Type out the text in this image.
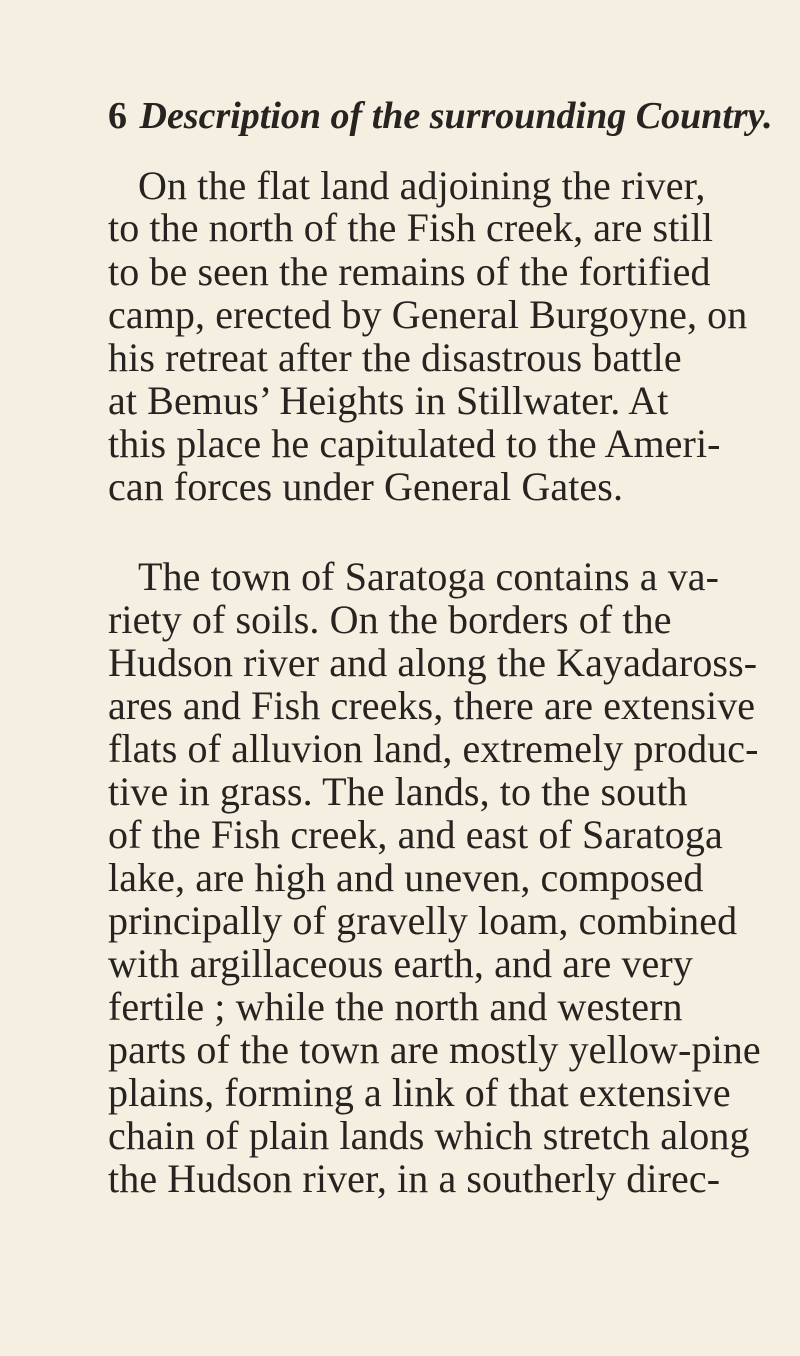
6 Description of the surrounding Country.
On the flat land adjoining the river,
to the north of the Fish creek, are still
to be seen the remains of the fortified
camp, erected by General Burgoyne, on
his retreat after the disastrous battle
at Bemus’ Heights in Stillwater. At
this place he capitulated to the Ameri-
can forces under General Gates.
The town of Saratoga contains a va-
riety of soils. On the borders of the
Hudson river and along the Kayadaross-
ares and Fish creeks, there are extensive
flats of alluvion land, extremely produc-
tive in grass. The lands, to the south
of the Fish creek, and east of Saratoga
lake, are high and uneven, composed
principally of gravelly loam, combined
with argillaceous earth, and are very
fertile ; while the north and western
parts of the town are mostly yellow-pine
plains, forming a link of that extensive
chain of plain lands which stretch along
the Hudson river, in a southerly direc-
